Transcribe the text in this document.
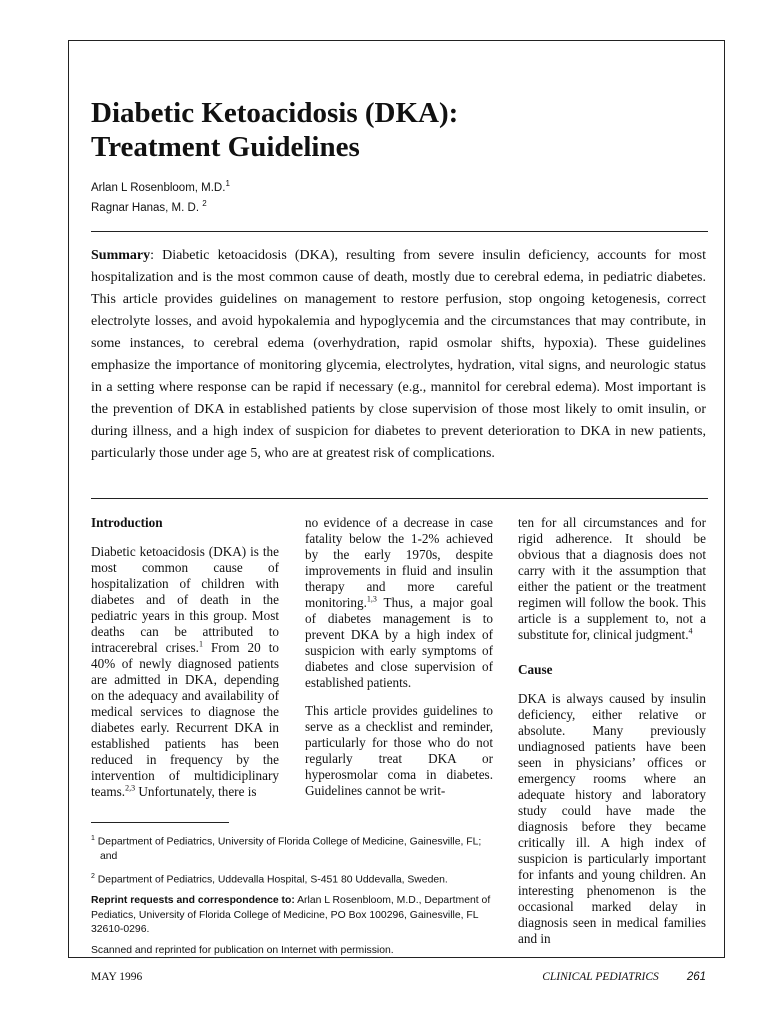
Diabetic Ketoacidosis (DKA):
Treatment Guidelines
Arlan L Rosenbloom, M.D.$^1$
Ragnar Hanas, M. D. $^2$

Summary: Diabetic ketoacidosis (DKA), resulting from severe insulin deficiency, accounts for most hospitalization and is the most common cause of death, mostly due to cerebral edema, in pediatric diabetes. This article provides guidelines on management to restore perfusion, stop ongoing ketogenesis, correct electrolyte losses, and avoid hypokalemia and hypoglycemia and the circumstances that may contribute, in some instances, to cerebral edema (overhydration, rapid osmolar shifts, hypoxia). These guidelines emphasize the importance of monitoring glycemia, electrolytes, hydration, vital signs, and neurologic status in a setting where response can be rapid if necessary (e.g., mannitol for cerebral edema). Most important is the prevention of DKA in established patients by close supervision of those most likely to omit insulin, or during illness, and a high index of suspicion for diabetes to prevent deterioration to DKA in new patients, particularly those under age 5, who are at greatest risk of complications.

Introduction

Diabetic ketoacidosis (DKA) is the most common cause of hospitalization of children with diabetes and of death in the pediatric years in this group. Most deaths can be attributed to intracerebral crises.$^1$ From 20 to 40% of newly diagnosed patients are admitted in DKA, depending on the adequacy and availability of medical services to diagnose the diabetes early. Recurrent DKA in established patients has been reduced in frequency by the intervention of multidiciplinary teams.$^{2,3}$ Unfortunately, there is

no evidence of a decrease in case fatality below the 1-2% achieved by the early 1970s, despite improvements in fluid and insulin therapy and more careful monitoring.$^{1,3}$ Thus, a major goal of diabetes management is to prevent DKA by a high index of suspicion with early symptoms of diabetes and close supervision of established patients.

This article provides guidelines to serve as a checklist and reminder, particularly for those who do not regularly treat DKA or hyperosmolar coma in diabetes. Guidelines cannot be writ-

ten for all circumstances and for rigid adherence. It should be obvious that a diagnosis does not carry with it the assumption that either the patient or the treatment regimen will follow the book. This article is a supplement to, not a substitute for, clinical judgment.$^4$

Cause

DKA is always caused by insulin deficiency, either relative or absolute. Many previously undiagnosed patients have been seen in physicians’ offices or emergency rooms where an adequate history and laboratory study could have made the diagnosis before they became critically ill. A high index of suspicion is particularly important for infants and young children. An interesting phenomenon is the occasional marked delay in diagnosis seen in medical families and in

$^1$ Department of Pediatrics, University of Florida College of Medicine, Gainesville, FL; and

$^2$ Department of Pediatrics, Uddevalla Hospital, S-451 80 Uddevalla, Sweden.

Reprint requests and correspondence to: Arlan L Rosenbloom, M.D., Department of Pediatics, University of Florida College of Medicine, PO Box 100296, Gainesville, FL 32610-0296.

Scanned and reprinted for publication on Internet with permission.

MAY 1996	CLINICAL PEDIATRICS 261
